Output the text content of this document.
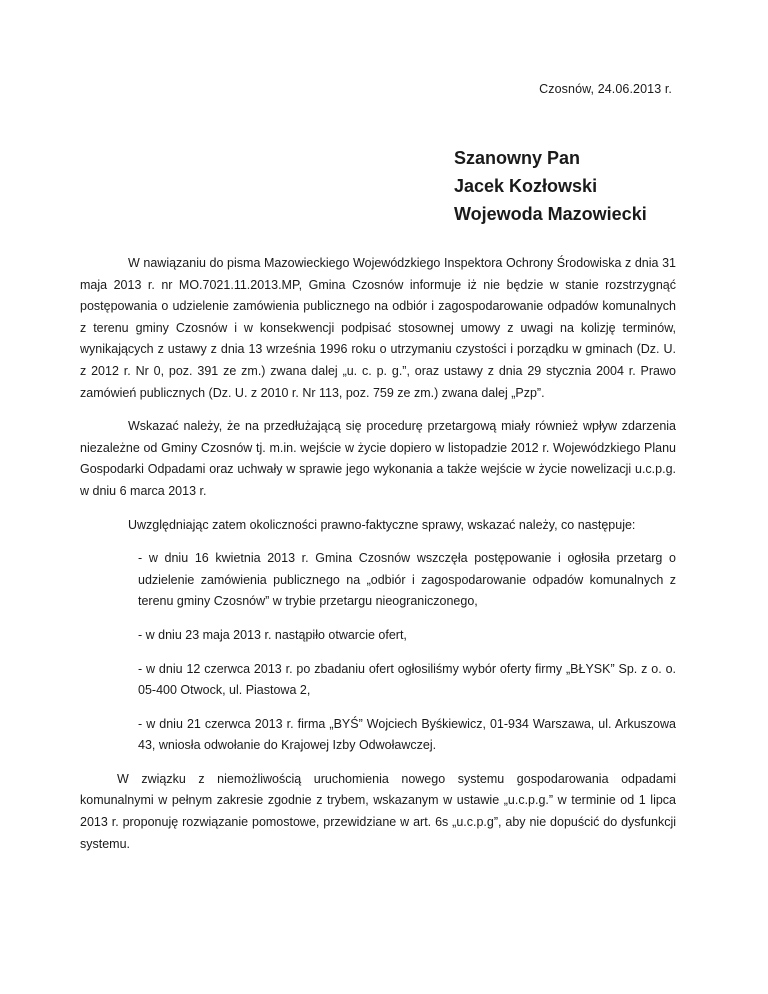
Czosnów, 24.06.2013 r.
Szanowny Pan
Jacek Kozłowski
Wojewoda Mazowiecki

W nawiązaniu do pisma Mazowieckiego Wojewódzkiego Inspektora Ochrony Środowiska z dnia 31 maja 2013 r. nr MO.7021.11.2013.MP, Gmina Czosnów informuje iż nie będzie w stanie rozstrzygnąć postępowania o udzielenie zamówienia publicznego na odbiór i zagospodarowanie odpadów komunalnych z terenu gminy Czosnów i w konsekwencji podpisać stosownej umowy z uwagi na kolizję terminów, wynikających z ustawy z dnia 13 września 1996 roku o utrzymaniu czystości i porządku w gminach (Dz. U. z 2012 r. Nr 0, poz. 391 ze zm.) zwana dalej „u. c. p. g.”, oraz ustawy z dnia 29 stycznia 2004 r. Prawo zamówień publicznych (Dz. U. z 2010 r. Nr 113, poz. 759 ze zm.) zwana dalej „Pzp”.

Wskazać należy, że na przedłużającą się procedurę przetargową miały również wpływ zdarzenia niezależne od Gminy Czosnów tj. m.in. wejście w życie dopiero w listopadzie 2012 r. Wojewódzkiego Planu Gospodarki Odpadami oraz uchwały w sprawie jego wykonania a także wejście w życie nowelizacji u.c.p.g. w dniu 6 marca 2013 r.

Uwzględniając zatem okoliczności prawno-faktyczne sprawy, wskazać należy, co następuje:

- w dniu 16 kwietnia 2013 r. Gmina Czosnów wszczęła postępowanie i ogłosiła przetarg o udzielenie zamówienia publicznego na „odbiór i zagospodarowanie odpadów komunalnych z terenu gminy Czosnów” w trybie przetargu nieograniczonego,
- w dniu 23 maja 2013 r. nastąpiło otwarcie ofert,
- w dniu 12 czerwca 2013 r. po zbadaniu ofert ogłosiliśmy wybór oferty firmy „BŁYSK” Sp. z o. o. 05-400 Otwock, ul. Piastowa 2,
- w dniu 21 czerwca 2013 r. firma „BYŚ” Wojciech Byśkiewicz, 01-934 Warszawa, ul. Arkuszowa 43, wniosła odwołanie do Krajowej Izby Odwoławczej.

W związku z niemożliwością uruchomienia nowego systemu gospodarowania odpadami komunalnymi w pełnym zakresie zgodnie z trybem, wskazanym w ustawie „u.c.p.g.” w terminie od 1 lipca 2013 r. proponuję rozwiązanie pomostowe, przewidziane w art. 6s „u.c.p.g”, aby nie dopuścić do dysfunkcji systemu.
